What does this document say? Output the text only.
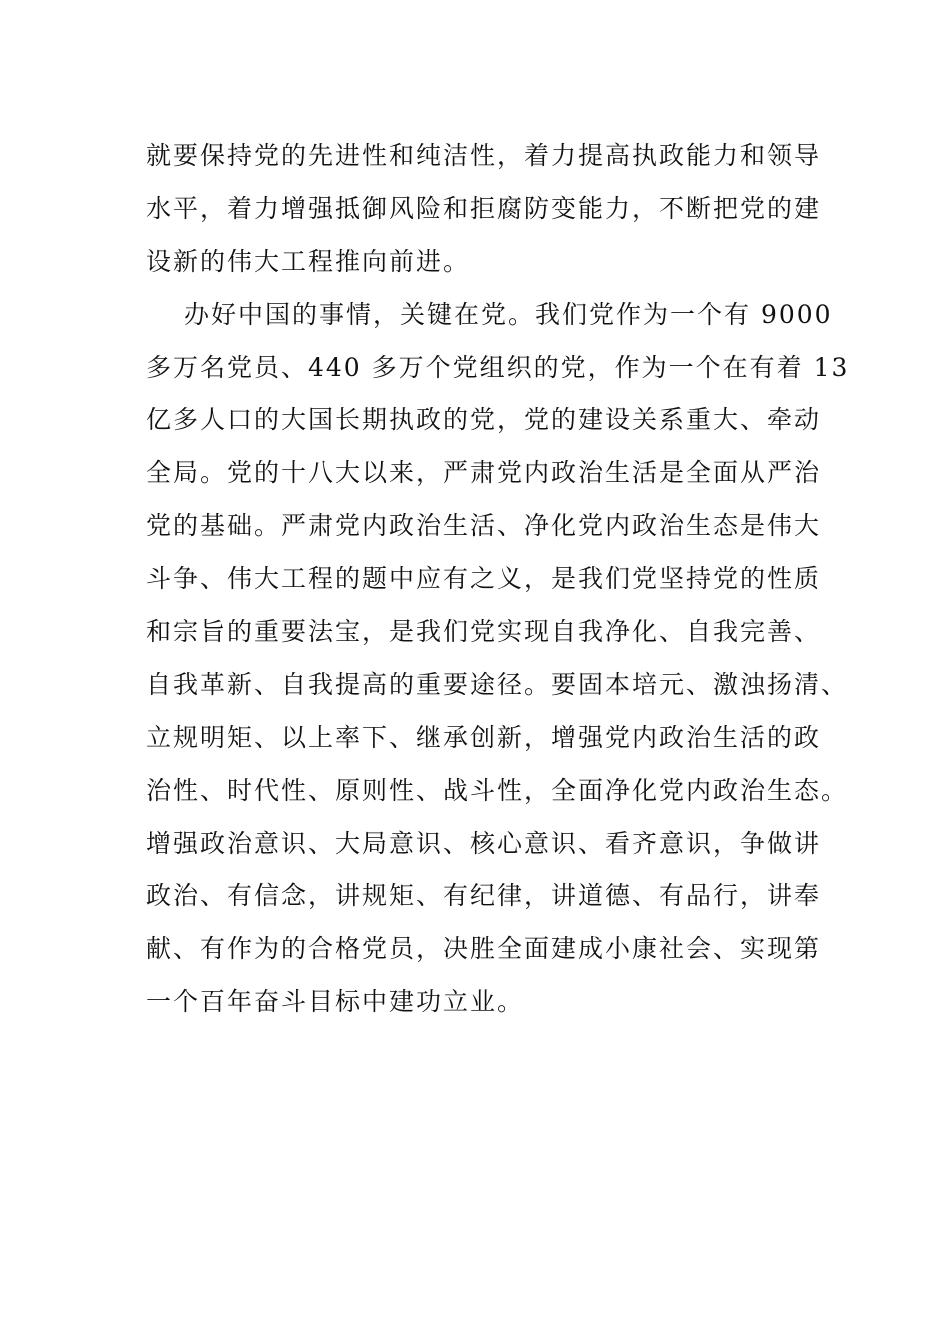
就要保持党的先进性和纯洁性，着力提高执政能力和领导
水平，着力增强抵御风险和拒腐防变能力，不断把党的建
设新的伟大工程推向前进。
办好中国的事情，关键在党。我们党作为一个有 9000
多万名党员、440 多万个党组织的党，作为一个在有着 13
亿多人口的大国长期执政的党，党的建设关系重大、牵动
全局。党的十八大以来，严肃党内政治生活是全面从严治
党的基础。严肃党内政治生活、净化党内政治生态是伟大
斗争、伟大工程的题中应有之义，是我们党坚持党的性质
和宗旨的重要法宝，是我们党实现自我净化、自我完善、
自我革新、自我提高的重要途径。要固本培元、激浊扬清、
立规明矩、以上率下、继承创新，增强党内政治生活的政
治性、时代性、原则性、战斗性，全面净化党内政治生态。
增强政治意识、大局意识、核心意识、看齐意识，争做讲
政治、有信念，讲规矩、有纪律，讲道德、有品行，讲奉
献、有作为的合格党员，决胜全面建成小康社会、实现第
一个百年奋斗目标中建功立业。
